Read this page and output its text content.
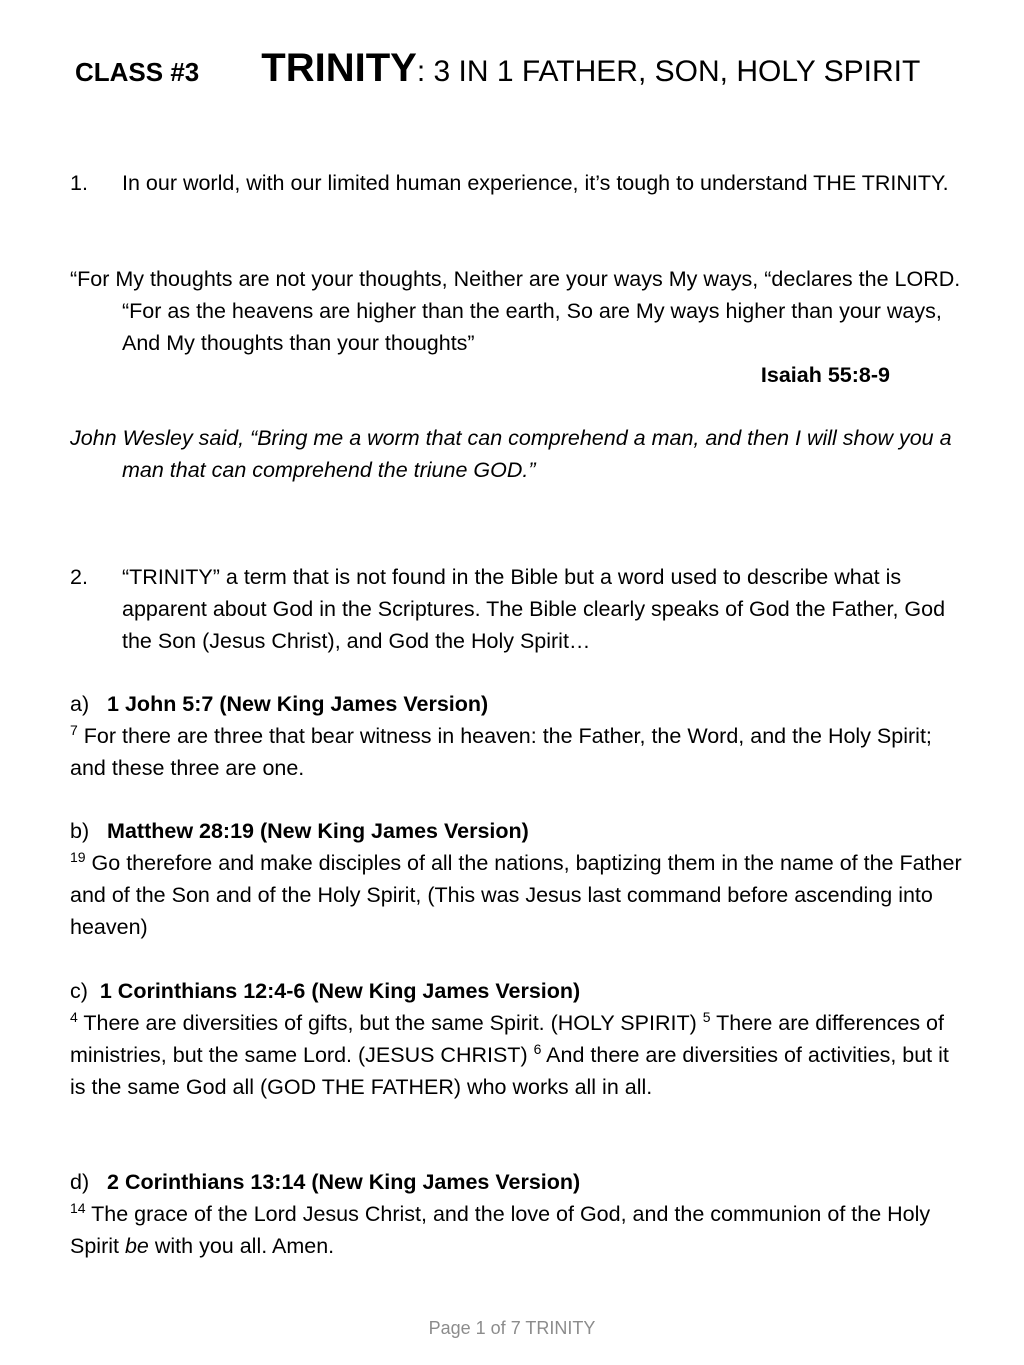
CLASS #3 TRINITY: 3 IN 1 FATHER, SON, HOLY SPIRIT
1. In our world, with our limited human experience, it’s tough to understand THE TRINITY.
“For My thoughts are not your thoughts, Neither are your ways My ways, “declares the LORD. “For as the heavens are higher than the earth, So are My ways higher than your ways, And My thoughts than your thoughts”
Isaiah 55:8-9
John Wesley said, “Bring me a worm that can comprehend a man, and then I will show you a man that can comprehend the triune GOD.”
2. “TRINITY” a term that is not found in the Bible but a word used to describe what is apparent about God in the Scriptures. The Bible clearly speaks of God the Father, God the Son (Jesus Christ), and God the Holy Spirit…
a) 1 John 5:7 (New King James Version)
$^7$ For there are three that bear witness in heaven: the Father, the Word, and the Holy Spirit; and these three are one.
b) Matthew 28:19 (New King James Version)
$^{19}$ Go therefore and make disciples of all the nations, baptizing them in the name of the Father and of the Son and of the Holy Spirit, (This was Jesus last command before ascending into heaven)
c) 1 Corinthians 12:4-6 (New King James Version)
$^4$ There are diversities of gifts, but the same Spirit. (HOLY SPIRIT) $^5$ There are differences of ministries, but the same Lord. (JESUS CHRIST) $^6$ And there are diversities of activities, but it is the same God all (GOD THE FATHER) who works all in all.
d) 2 Corinthians 13:14 (New King James Version)
$^{14}$ The grace of the Lord Jesus Christ, and the love of God, and the communion of the Holy Spirit be with you all. Amen.
Page 1 of 7 TRINITY
